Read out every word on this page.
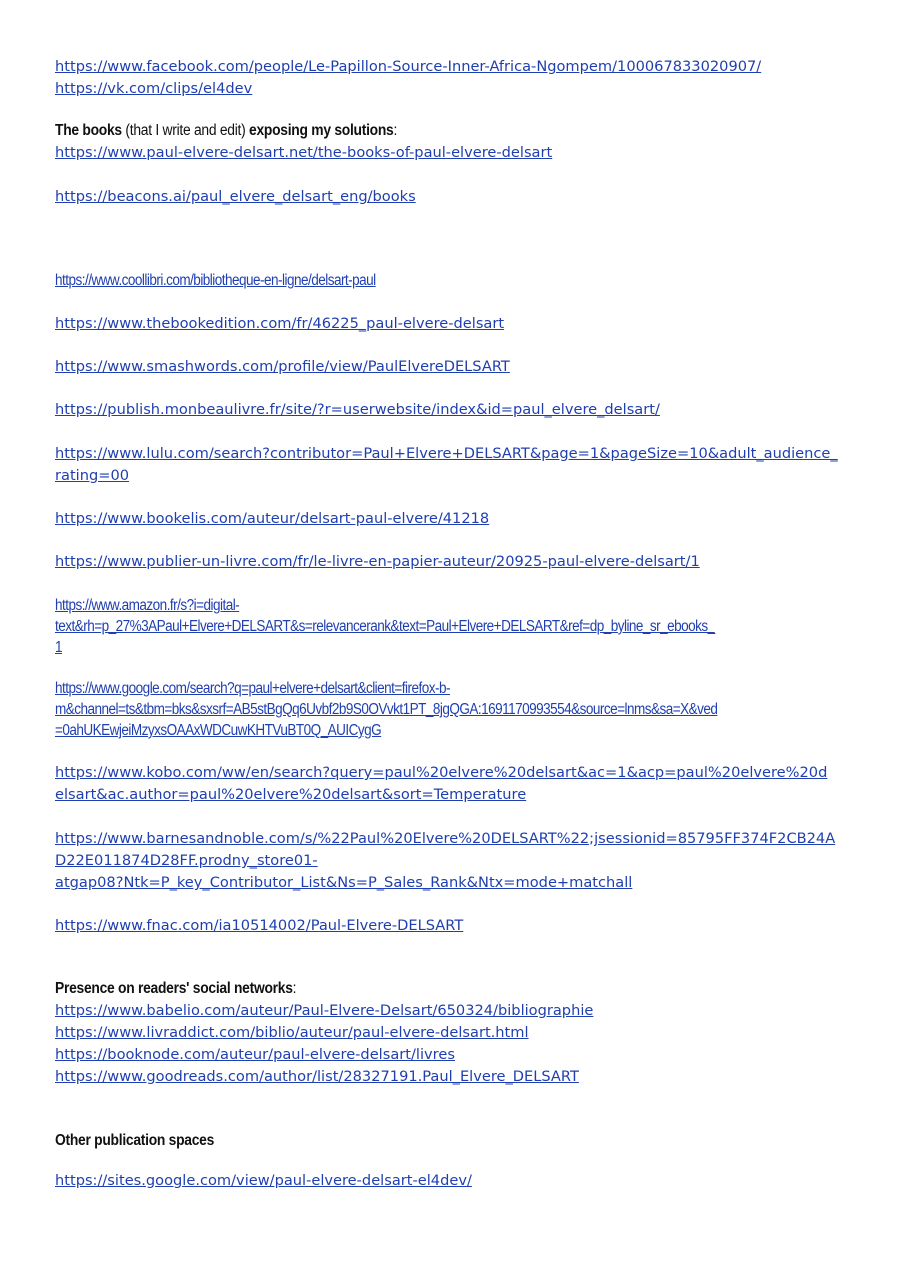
https://www.facebook.com/people/Le-Papillon-Source-Inner-Africa-Ngompem/100067833020907/
https://vk.com/clips/el4dev
The books (that I write and edit) exposing my solutions:
https://www.paul-elvere-delsart.net/the-books-of-paul-elvere-delsart
https://beacons.ai/paul_elvere_delsart_eng/books
https://www.coollibri.com/bibliotheque-en-ligne/delsart-paul
https://www.thebookedition.com/fr/46225_paul-elvere-delsart
https://www.smashwords.com/profile/view/PaulElvereDELSART
https://publish.monbeaulivre.fr/site/?r=userwebsite/index&id=paul_elvere_delsart/
https://www.lulu.com/search?contributor=Paul+Elvere+DELSART&page=1&pageSize=10&adult_audience_
rating=00
https://www.bookelis.com/auteur/delsart-paul-elvere/41218
https://www.publier-un-livre.com/fr/le-livre-en-papier-auteur/20925-paul-elvere-delsart/1
https://www.amazon.fr/s?i=digital-
text&rh=p_27%3APaul+Elvere+DELSART&s=relevancerank&text=Paul+Elvere+DELSART&ref=dp_byline_sr_ebooks_
1
https://www.google.com/search?q=paul+elvere+delsart&client=firefox-b-
m&channel=ts&tbm=bks&sxsrf=AB5stBgQq6Uvbf2b9S0OVvkt1PT_8jgQGA:1691170993554&source=lnms&sa=X&ved
=0ahUKEwjeiMzyxsOAAxWDCuwKHTVuBT0Q_AUICygG
https://www.kobo.com/ww/en/search?query=paul%20elvere%20delsart&ac=1&acp=paul%20elvere%20d
elsart&ac.author=paul%20elvere%20delsart&sort=Temperature
https://www.barnesandnoble.com/s/%22Paul%20Elvere%20DELSART%22;jsessionid=85795FF374F2CB24A
D22E011874D28FF.prodny_store01-
atgap08?Ntk=P_key_Contributor_List&Ns=P_Sales_Rank&Ntx=mode+matchall
https://www.fnac.com/ia10514002/Paul-Elvere-DELSART
Presence on readers' social networks:
https://www.babelio.com/auteur/Paul-Elvere-Delsart/650324/bibliographie
https://www.livraddict.com/biblio/auteur/paul-elvere-delsart.html
https://booknode.com/auteur/paul-elvere-delsart/livres
https://www.goodreads.com/author/list/28327191.Paul_Elvere_DELSART
Other publication spaces
https://sites.google.com/view/paul-elvere-delsart-el4dev/
